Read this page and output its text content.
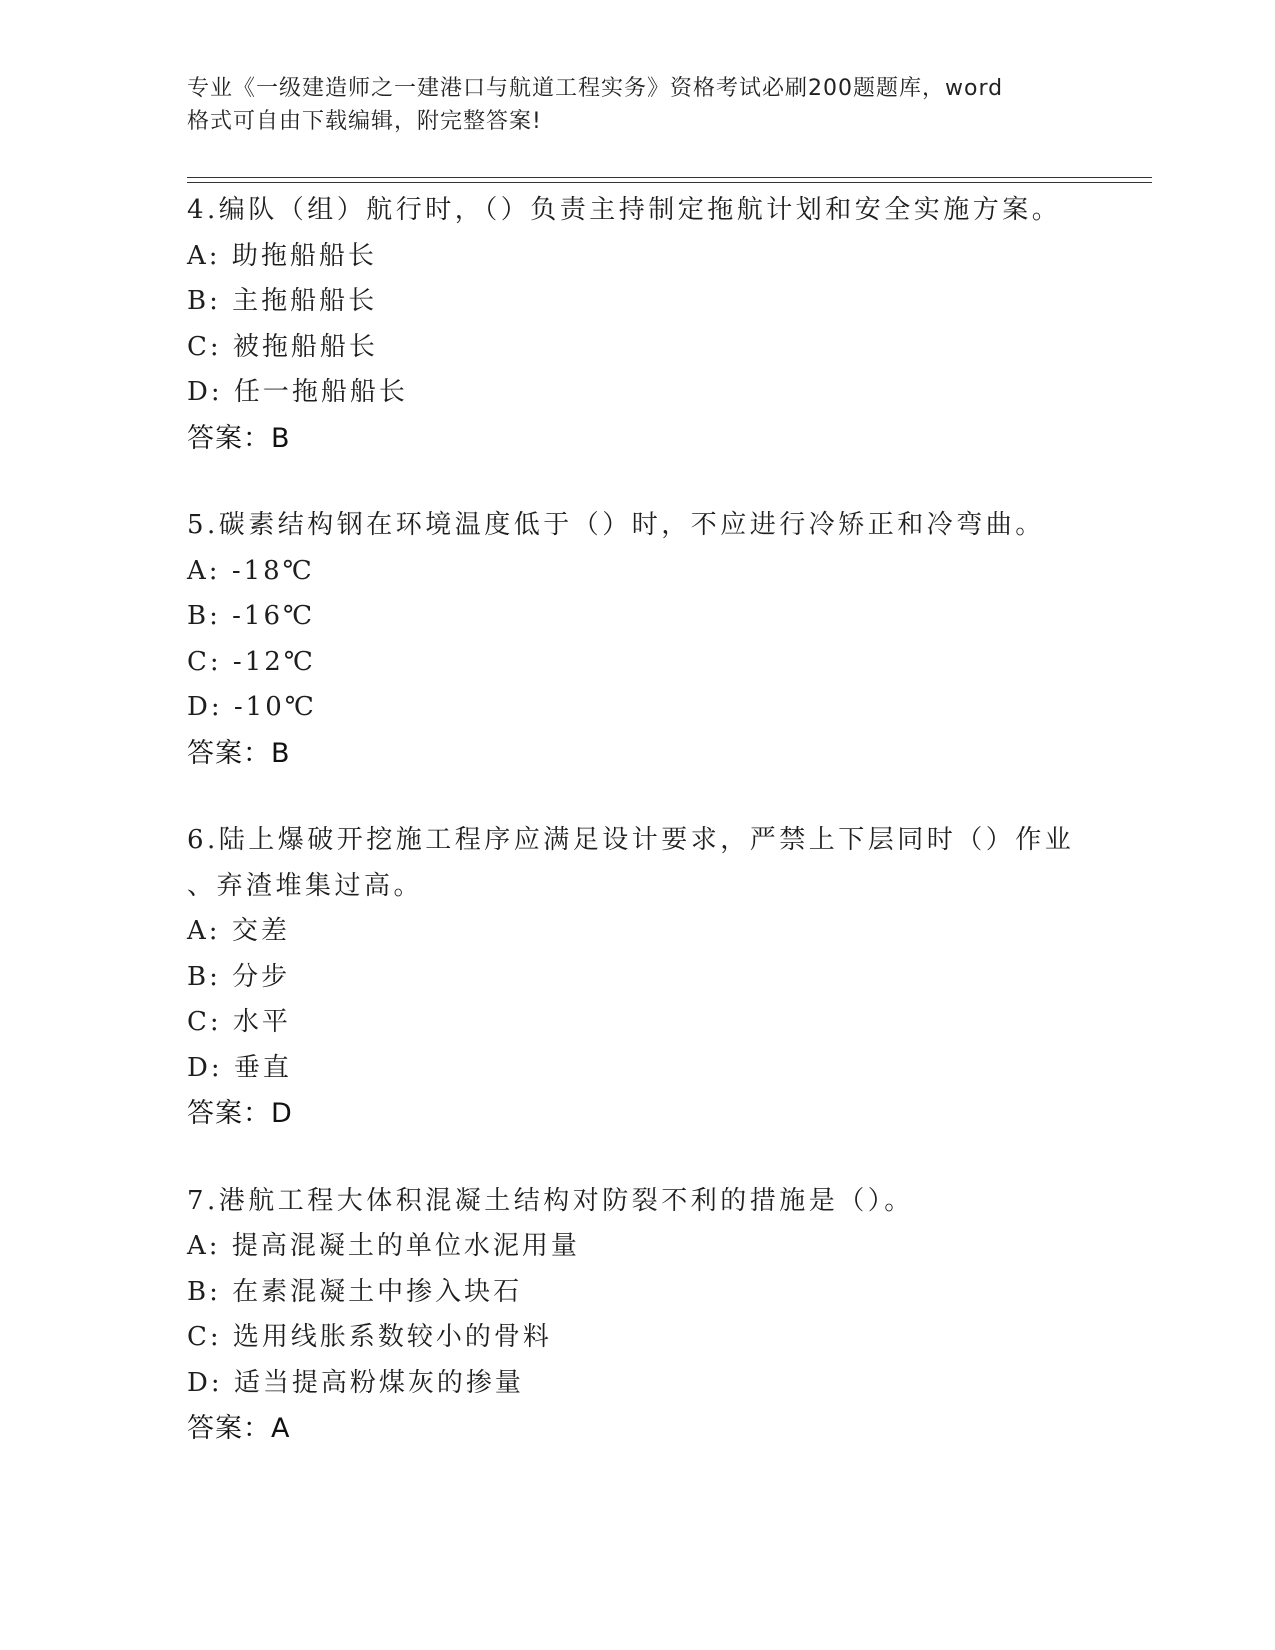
专业《一级建造师之一建港口与航道工程实务》资格考试必刷200题题库，word
格式可自由下载编辑，附完整答案!
4.编队（组）航行时，（）负责主持制定拖航计划和安全实施方案。
A: 助拖船船长
B: 主拖船船长
C: 被拖船船长
D: 任一拖船船长
答案：B
5.碳素结构钢在环境温度低于（）时，不应进行冷矫正和冷弯曲。
A: -18℃
B: -16℃
C: -12℃
D: -10℃
答案：B
6.陆上爆破开挖施工程序应满足设计要求，严禁上下层同时（）作业
、弃渣堆集过高。
A: 交差
B: 分步
C: 水平
D: 垂直
答案：D
7.港航工程大体积混凝土结构对防裂不利的措施是（）。
A: 提高混凝土的单位水泥用量
B: 在素混凝土中掺入块石
C: 选用线胀系数较小的骨料
D: 适当提高粉煤灰的掺量
答案：A
